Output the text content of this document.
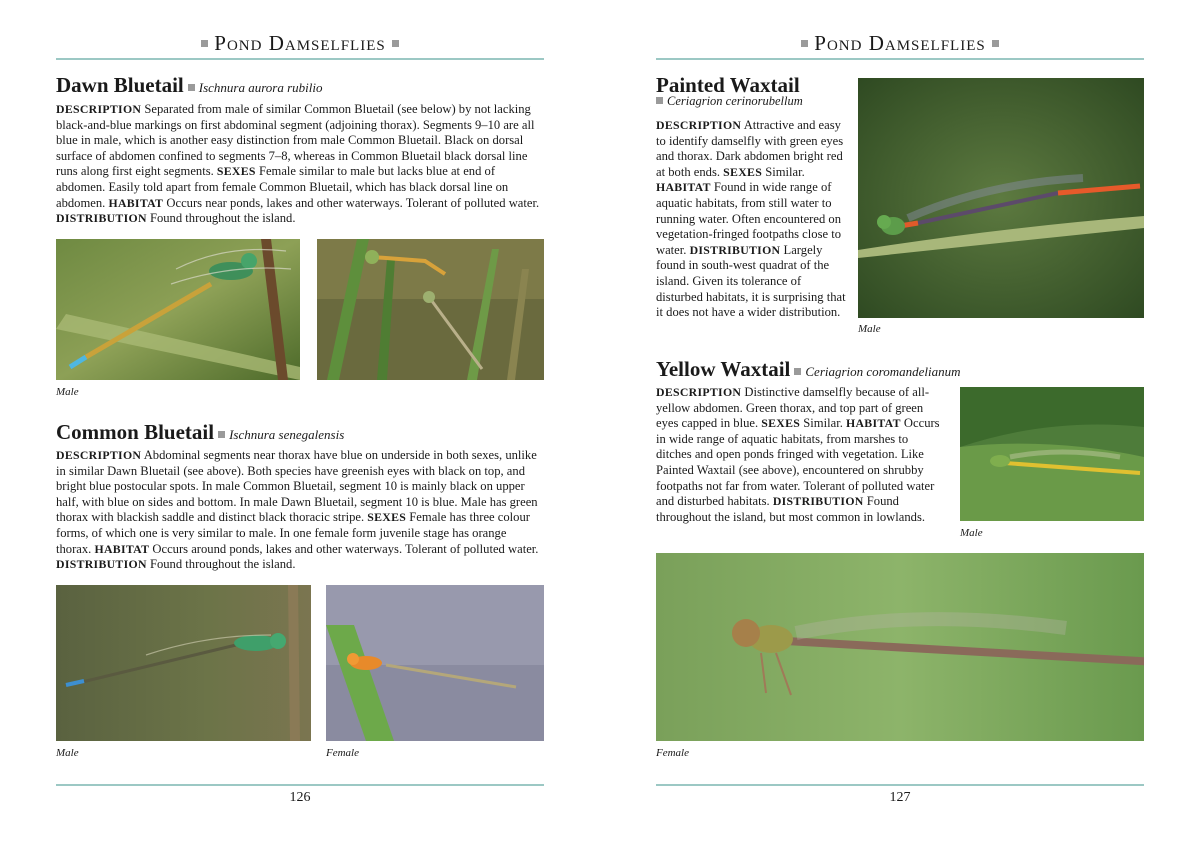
Pond Damselflies
Dawn Bluetail Ischnura aurora rubilio

DESCRIPTION Separated from male of similar Common Bluetail (see below) by not lacking black-and-blue markings on first abdominal segment (adjoining thorax). Segments 9–10 are all blue in male, which is another easy distinction from male Common Bluetail. Black on dorsal surface of abdomen confined to segments 7–8, whereas in Common Bluetail black dorsal line runs along first eight segments. SEXES Female similar to male but lacks blue at end of abdomen. Easily told apart from female Common Bluetail, which has black dorsal line on abdomen. HABITAT Occurs near ponds, lakes and other waterways. Tolerant of polluted water. DISTRIBUTION Found throughout the island.

Male
Common Bluetail Ischnura senegalensis

DESCRIPTION Abdominal segments near thorax have blue on underside in both sexes, unlike in similar Dawn Bluetail (see above). Both species have greenish eyes with black on top, and bright blue postocular spots. In male Common Bluetail, segment 10 is mainly black on upper half, with blue on sides and bottom. In male Dawn Bluetail, segment 10 is blue. Male has green thorax with blackish saddle and distinct black thoracic stripe. SEXES Female has three colour forms, of which one is very similar to male. In one female form juvenile stage has orange thorax. HABITAT Occurs around ponds, lakes and other waterways. Tolerant of polluted water. DISTRIBUTION Found throughout the island.

Male	Female
126
Pond Damselflies
Painted Waxtail
Ceriagrion cerinorubellum

DESCRIPTION Attractive and easy to identify damselfly with green eyes and thorax. Dark abdomen bright red at both ends. SEXES Similar. HABITAT Found in wide range of aquatic habitats, from still water to running water. Often encountered on vegetation-fringed footpaths close to water. DISTRIBUTION Largely found in south-west quadrat of the island. Given its tolerance of disturbed habitats, it is surprising that it does not have a wider distribution.

Male
Yellow Waxtail Ceriagrion coromandelianum

DESCRIPTION Distinctive damselfly because of all-yellow abdomen. Green thorax, and top part of green eyes capped in blue. SEXES Similar. HABITAT Occurs in wide range of aquatic habitats, from marshes to ditches and open ponds fringed with vegetation. Like Painted Waxtail (see above), encountered on shrubby footpaths not far from water. Tolerant of polluted water and disturbed habitats. DISTRIBUTION Found throughout the island, but most common in lowlands.

Male
Female
127
